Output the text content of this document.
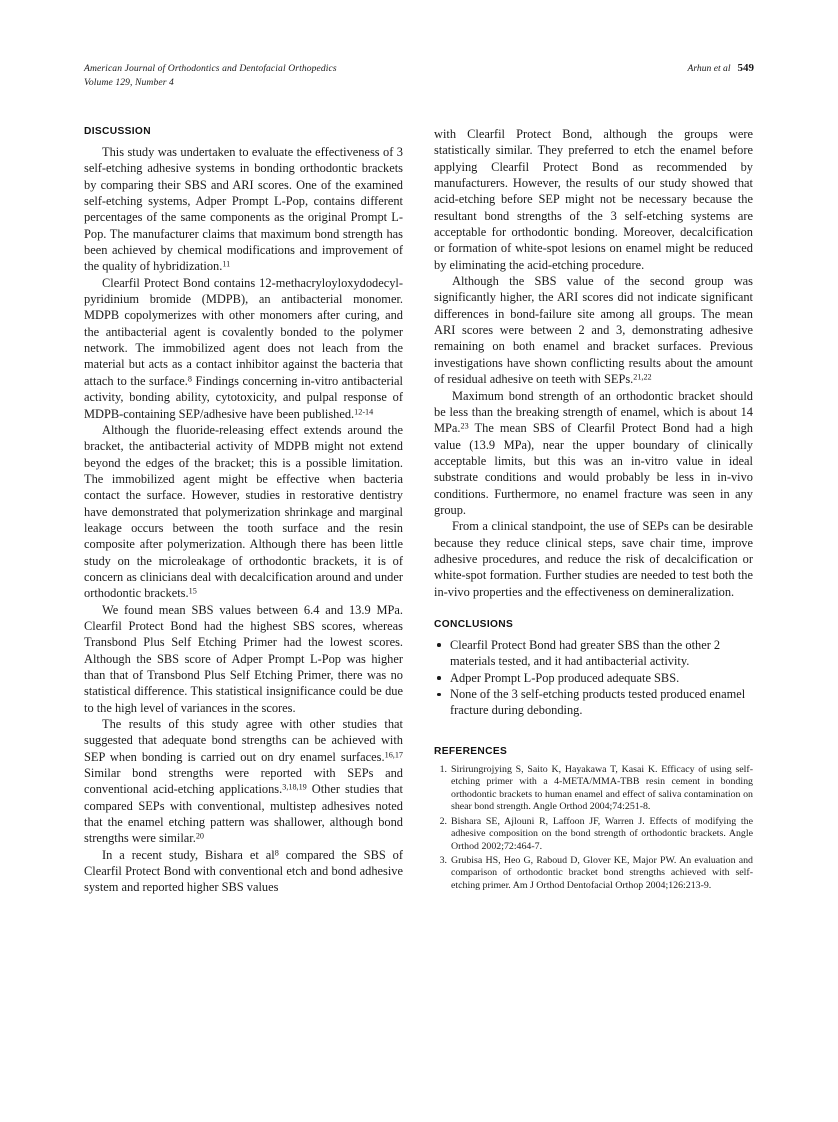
American Journal of Orthodontics and Dentofacial Orthopedics
Volume 129, Number 4
Arhun et al 549
DISCUSSION

This study was undertaken to evaluate the effectiveness of 3 self-etching adhesive systems in bonding orthodontic brackets by comparing their SBS and ARI scores. One of the examined self-etching systems, Adper Prompt L-Pop, contains different percentages of the same components as the original Prompt L-Pop. The manufacturer claims that maximum bond strength has been achieved by chemical modifications and improvement of the quality of hybridization.$^{11}$

Clearfil Protect Bond contains 12-methacryloyloxydodecyl-pyridinium bromide (MDPB), an antibacterial monomer. MDPB copolymerizes with other monomers after curing, and the antibacterial agent is covalently bonded to the polymer network. The immobilized agent does not leach from the material but acts as a contact inhibitor against the bacteria that attach to the surface.$^8$ Findings concerning in-vitro antibacterial activity, bonding ability, cytotoxicity, and pulpal response of MDPB-containing SEP/adhesive have been published.$^{12-14}$

Although the fluoride-releasing effect extends around the bracket, the antibacterial activity of MDPB might not extend beyond the edges of the bracket; this is a possible limitation. The immobilized agent might be effective when bacteria contact the surface. However, studies in restorative dentistry have demonstrated that polymerization shrinkage and marginal leakage occurs between the tooth surface and the resin composite after polymerization. Although there has been little study on the microleakage of orthodontic brackets, it is of concern as clinicians deal with decalcification around and under orthodontic brackets.$^{15}$

We found mean SBS values between 6.4 and 13.9 MPa. Clearfil Protect Bond had the highest SBS scores, whereas Transbond Plus Self Etching Primer had the lowest scores. Although the SBS score of Adper Prompt L-Pop was higher than that of Transbond Plus Self Etching Primer, there was no statistical difference. This statistical insignificance could be due to the high level of variances in the scores.

The results of this study agree with other studies that suggested that adequate bond strengths can be achieved with SEP when bonding is carried out on dry enamel surfaces.$^{16,17}$ Similar bond strengths were reported with SEPs and conventional acid-etching applications.$^{3,18,19}$ Other studies that compared SEPs with conventional, multistep adhesives noted that the enamel etching pattern was shallower, although bond strengths were similar.$^{20}$

In a recent study, Bishara et $al^8$ compared the SBS of Clearfil Protect Bond with conventional etch and bond adhesive system and reported higher SBS values

with Clearfil Protect Bond, although the groups were statistically similar. They preferred to etch the enamel before applying Clearfil Protect Bond as recommended by manufacturers. However, the results of our study showed that acid-etching before SEP might not be necessary because the resultant bond strengths of the 3 self-etching systems are acceptable for orthodontic bonding. Moreover, decalcification or formation of white-spot lesions on enamel might be reduced by eliminating the acid-etching procedure.

Although the SBS value of the second group was significantly higher, the ARI scores did not indicate significant differences in bond-failure site among all groups. The mean ARI scores were between 2 and 3, demonstrating adhesive remaining on both enamel and bracket surfaces. Previous investigations have shown conflicting results about the amount of residual adhesive on teeth with SEPs.$^{21,22}$

Maximum bond strength of an orthodontic bracket should be less than the breaking strength of enamel, which is about 14 MPa.$^{23}$ The mean SBS of Clearfil Protect Bond had a high value (13.9 MPa), near the upper boundary of clinically acceptable limits, but this was an in-vitro value in ideal substrate conditions and would probably be less in in-vivo conditions. Furthermore, no enamel fracture was seen in any group.

From a clinical standpoint, the use of SEPs can be desirable because they reduce clinical steps, save chair time, improve adhesive procedures, and reduce the risk of decalcification or white-spot formation. Further studies are needed to test both the in-vivo properties and the effectiveness on demineralization.

CONCLUSIONS
Clearfil Protect Bond had greater SBS than the other 2 materials tested, and it had antibacterial activity.
Adper Prompt L-Pop produced adequate SBS.
None of the 3 self-etching products tested produced enamel fracture during debonding.
REFERENCES
1. Sirirungrojying S, Saito K, Hayakawa T, Kasai K. Efficacy of using self-etching primer with a 4-META/MMA-TBB resin cement in bonding orthodontic brackets to human enamel and effect of saliva contamination on shear bond strength. Angle Orthod 2004;74:251-8.
2. Bishara SE, Ajlouni R, Laffoon JF, Warren J. Effects of modifying the adhesive composition on the bond strength of orthodontic brackets. Angle Orthod 2002;72:464-7.
3. Grubisa HS, Heo G, Raboud D, Glover KE, Major PW. An evaluation and comparison of orthodontic bracket bond strengths achieved with self-etching primer. Am J Orthod Dentofacial Orthop 2004;126:213-9.
